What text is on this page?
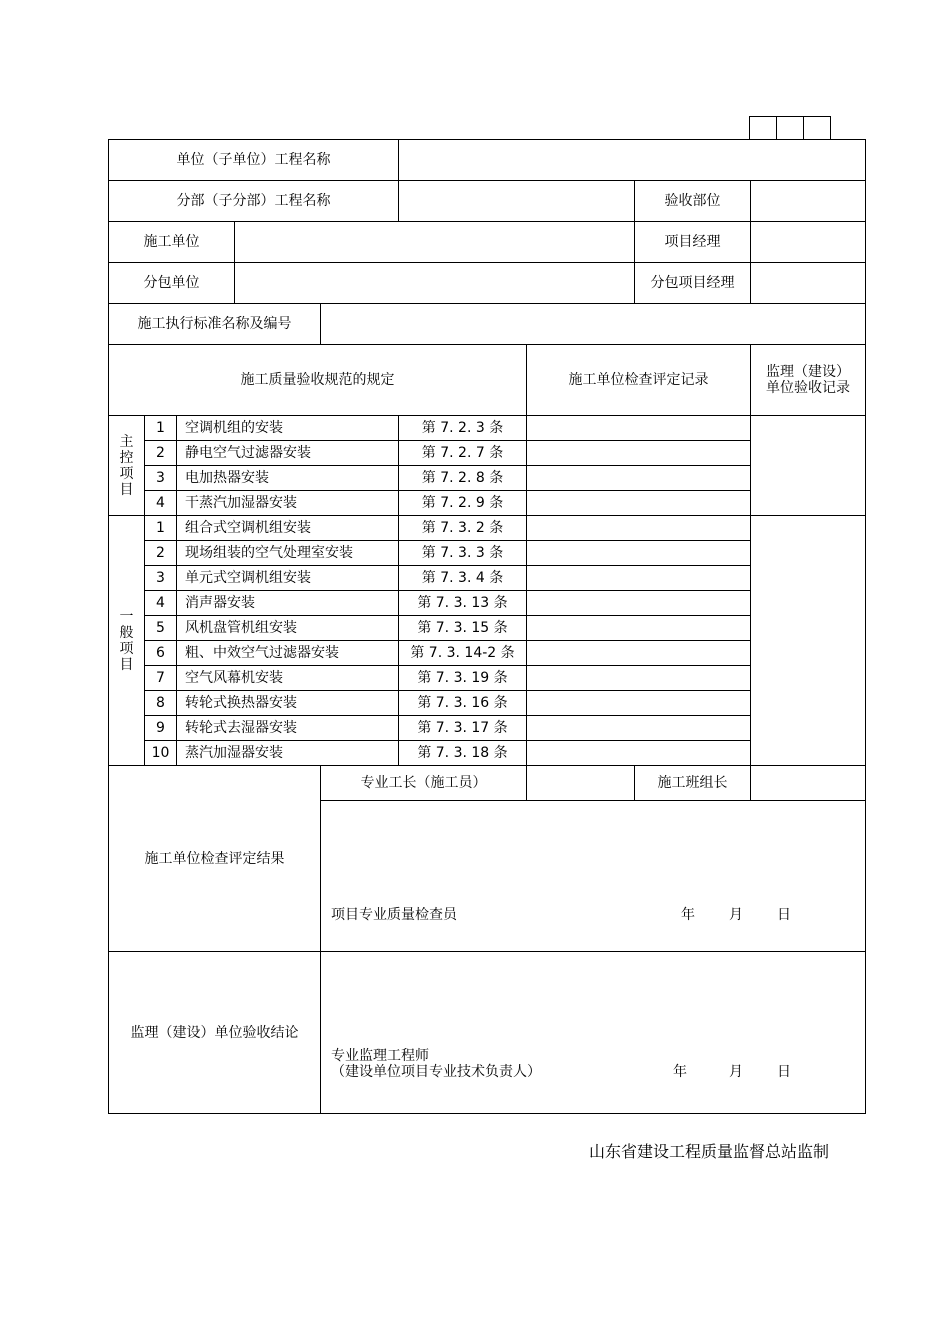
单位（子单位）工程名称								
分部（子分部）工程名称							验收部位	
施工单位							项目经理	
分包单位							分包项目经理	
施工执行标准名称及编号								
施工质量验收规范的规定						施工单位检查评定记录		监理（建设）
单位验收记录

主
控
项
目	1	空调机组的安装			第 7. 2. 3 条			
	2	静电空气过滤器安装			第 7. 2. 7 条			
	3	电加热器安装			第 7. 2. 8 条			
	4	干蒸汽加湿器安装			第 7. 2. 9 条			

一
般
项
目	1	组合式空调机组安装			第 7. 3. 2 条			
	2	现场组装的空气处理室安装			第 7. 3. 3 条			
	3	单元式空调机组安装			第 7. 3. 4 条			
	4	消声器安装			第 7. 3. 13 条			
	5	风机盘管机组安装			第 7. 3. 15 条			
	6	粗、中效空气过滤器安装			第 7. 3. 14-2 条			
	7	空气风幕机安装			第 7. 3. 19 条			
	8	转轮式换热器安装			第 7. 3. 16 条			
	9	转轮式去湿器安装			第 7. 3. 17 条			
	10	蒸汽加湿器安装			第 7. 3. 18 条			
施工单位检查评定结果				专业工长（施工员）			施工班组长	

				项目专业质量检查员 年 月 日				

监理（建设）单位验收结论				专业监理工程师
（建设单位项目专业技术负责人） 年 月 日				
山东省建设工程质量监督总站监制
